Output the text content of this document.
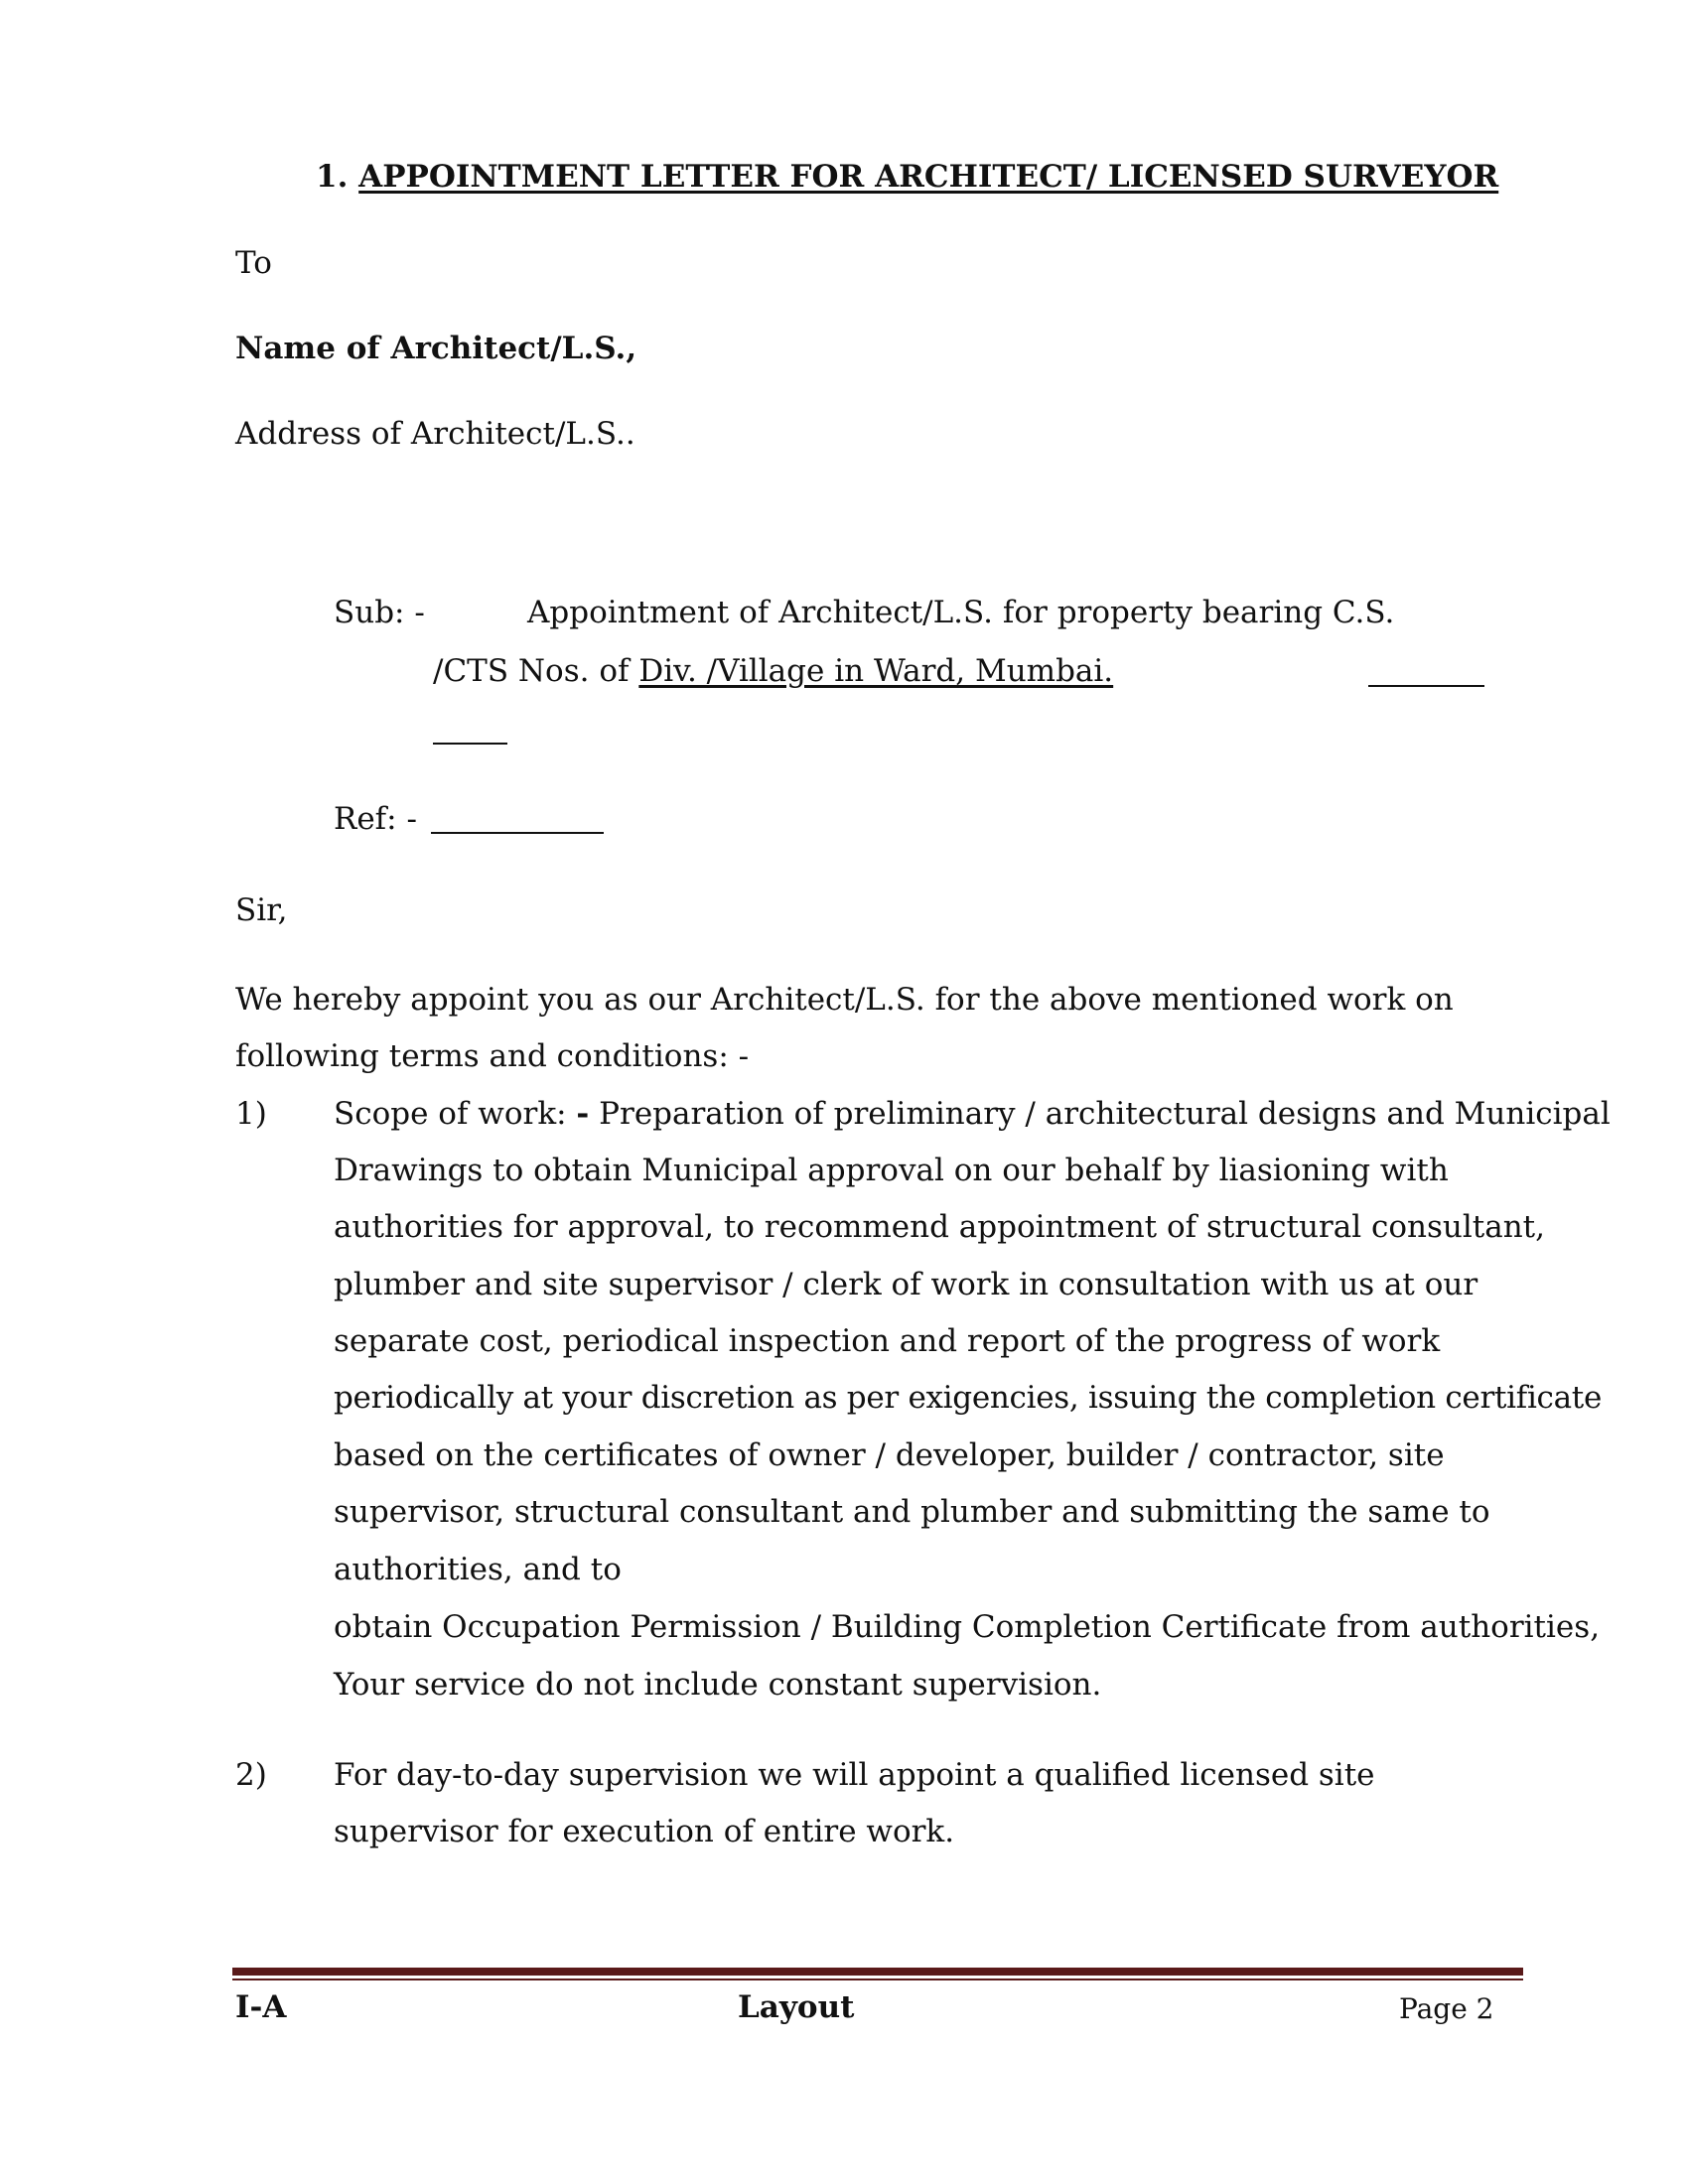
1. APPOINTMENT LETTER FOR ARCHITECT/ LICENSED SURVEYOR
To
Name of Architect/L.S.,
Address of Architect/L.S..
Sub: -	Appointment of Architect/L.S. for property bearing C.S.
/CTS Nos. of Div. /Village in Ward, Mumbai.
Ref: -
Sir,
We hereby appoint you as our Architect/L.S. for the above mentioned work on
following terms and conditions: -
1) Scope of work: - Preparation of preliminary / architectural designs and Municipal
Drawings to obtain Municipal approval on our behalf by liasioning with
authorities for approval, to recommend appointment of structural consultant,
plumber and site supervisor / clerk of work in consultation with us at our
separate cost, periodical inspection and report of the progress of work
periodically at your discretion as per exigencies, issuing the completion certificate
based on the certificates of owner / developer, builder / contractor, site
supervisor, structural consultant and plumber and submitting the same to
authorities, and to
obtain Occupation Permission / Building Completion Certificate from authorities,
Your service do not include constant supervision.
2) For day-to-day supervision we will appoint a qualified licensed site
supervisor for execution of entire work.
I-A	Layout	Page 2
